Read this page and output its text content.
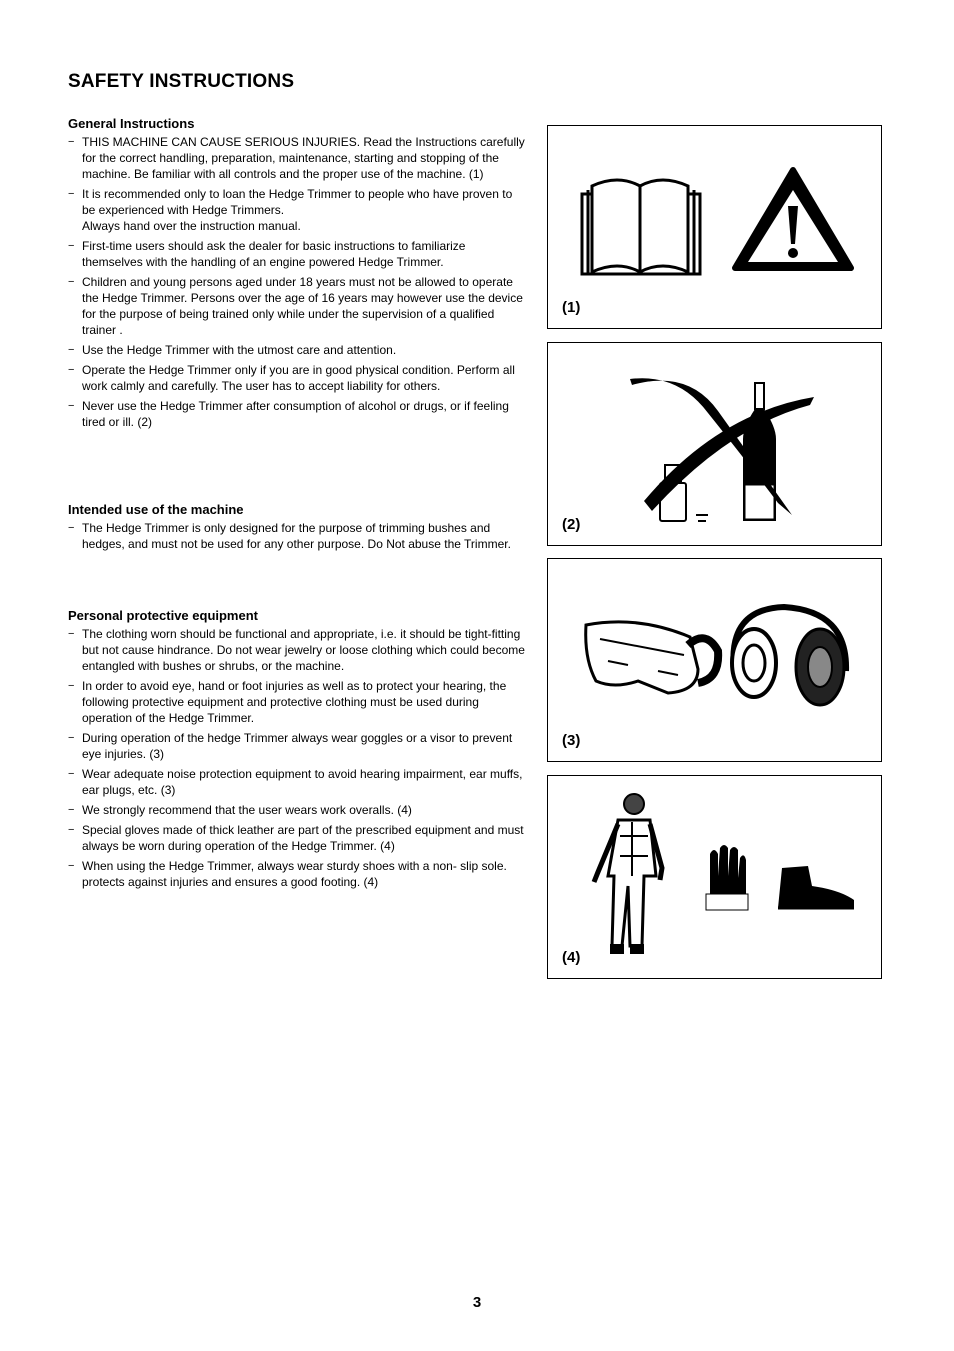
SAFETY INSTRUCTIONS
General Instructions
− THIS MACHINE CAN CAUSE SERIOUS INJURIES. Read the Instructions carefully for the correct handling, preparation, maintenance, starting and stopping of the machine. Be familiar with all controls and the proper use of the machine. (1)
− It is recommended only to loan the Hedge Trimmer to people who have proven to be experienced with Hedge Trimmers.
Always hand over the instruction manual.
− First-time users should ask the dealer for basic instructions to familiarize themselves with the handling of an engine powered Hedge Trimmer.
− Children and young persons aged under 18 years must not be allowed to operate the Hedge Trimmer. Persons over the age of 16 years may however use the device for the purpose of being trained only while under the supervision of a qualified trainer .
− Use the Hedge Trimmer with the utmost care and attention.
− Operate the Hedge Trimmer only if you are in good physical condition. Perform all work calmly and carefully. The user has to accept liability for others.
− Never use the Hedge Trimmer after consumption of alcohol or drugs, or if feeling tired or ill. (2)
Intended use of the machine
− The Hedge Trimmer is only designed for the purpose of trimming bushes and hedges, and must not be used for any other purpose. Do Not abuse the Trimmer.
Personal protective equipment
− The clothing worn should be functional and appropriate, i.e. it should be tight-fitting but not cause hindrance. Do not wear jewelry or loose clothing which could become entangled with bushes or shrubs, or the machine.
− In order to avoid eye, hand or foot injuries as well as to protect your hearing, the following protective equipment and protective clothing must be used during operation of the Hedge Trimmer.
− During operation of the hedge Trimmer always wear goggles or a visor to prevent eye injuries. (3)
− Wear adequate noise protection equipment to avoid hearing impairment, ear muffs, ear plugs, etc. (3)
− We strongly recommend that the user wears work overalls. (4)
− Special gloves made of thick leather are part of the prescribed equipment and must always be worn during operation of the Hedge Trimmer. (4)
− When using the Hedge Trimmer, always wear sturdy shoes with a non- slip sole. protects against injuries and ensures a good footing. (4)
(1)
(2)
(3)
(4)
3
